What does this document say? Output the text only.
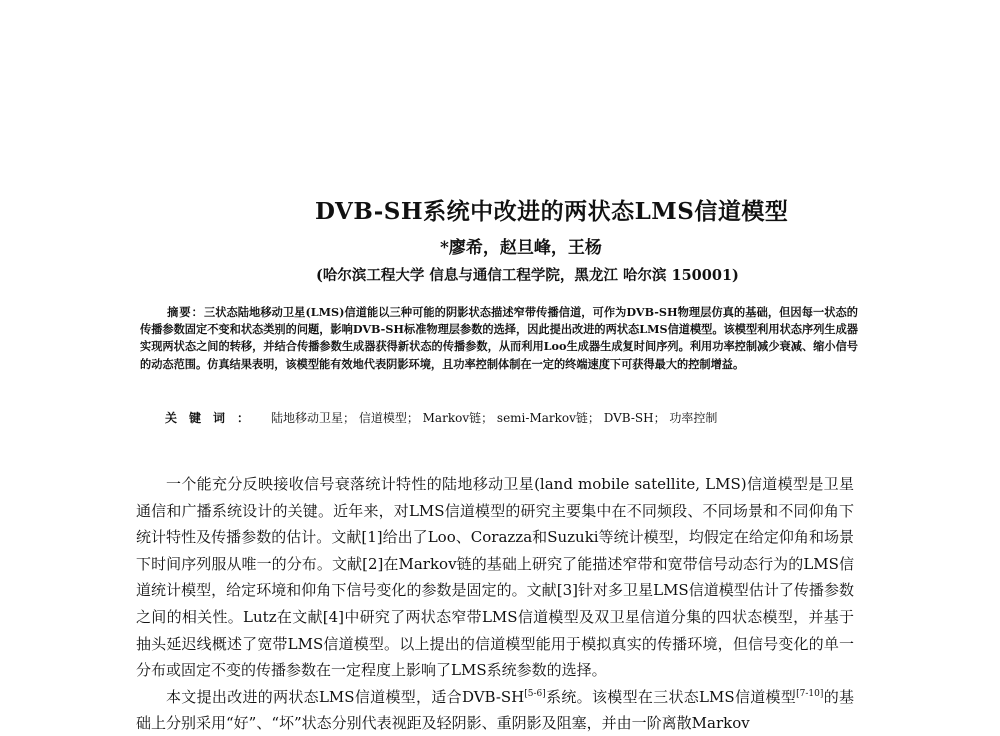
DVB-SH系统中改进的两状态LMS信道模型
*廖希，赵旦峰，王杨
(哈尔滨工程大学 信息与通信工程学院，黑龙江 哈尔滨 150001)
摘要：三状态陆地移动卫星(LMS)信道能以三种可能的阴影状态描述窄带传播信道，可作为DVB-SH物理层仿真的基础，但因每一状态的传播参数固定不变和状态类别的问题，影响DVB-SH标准物理层参数的选择，因此提出改进的两状态LMS信道模型。该模型利用状态序列生成器实现两状态之间的转移，并结合传播参数生成器获得新状态的传播参数，从而利用Loo生成器生成复时间序列。利用功率控制减少衰减、缩小信号的动态范围。仿真结果表明，该模型能有效地代表阴影环境，且功率控制体制在一定的终端速度下可获得最大的控制增益。
关键词： 陆地移动卫星； 信道模型； Markov链； semi-Markov链； DVB-SH； 功率控制

一个能充分反映接收信号衰落统计特性的陆地移动卫星(land mobile satellite, LMS)信道模型是卫星通信和广播系统设计的关键。近年来，对LMS信道模型的研究主要集中在不同频段、不同场景和不同仰角下统计特性及传播参数的估计。文献[1]给出了Loo、Corazza和Suzuki等统计模型，均假定在给定仰角和场景下时间序列服从唯一的分布。文献[2]在Markov链的基础上研究了能描述窄带和宽带信号动态行为的LMS信道统计模型，给定环境和仰角下信号变化的参数是固定的。文献[3]针对多卫星LMS信道模型估计了传播参数之间的相关性。Lutz在文献[4]中研究了两状态窄带LMS信道模型及双卫星信道分集的四状态模型，并基于抽头延迟线概述了宽带LMS信道模型。以上提出的信道模型能用于模拟真实的传播环境，但信号变化的单一分布或固定不变的传播参数在一定程度上影响了LMS系统参数的选择。

本文提出改进的两状态LMS信道模型，适合DVB-SH[5-6]系统。该模型在三状态LMS信道模型[7-10]的基础上分别采用“好”、“坏”状态分别代表视距及轻阴影、重阴影及阻塞，并由一阶离散Markov
